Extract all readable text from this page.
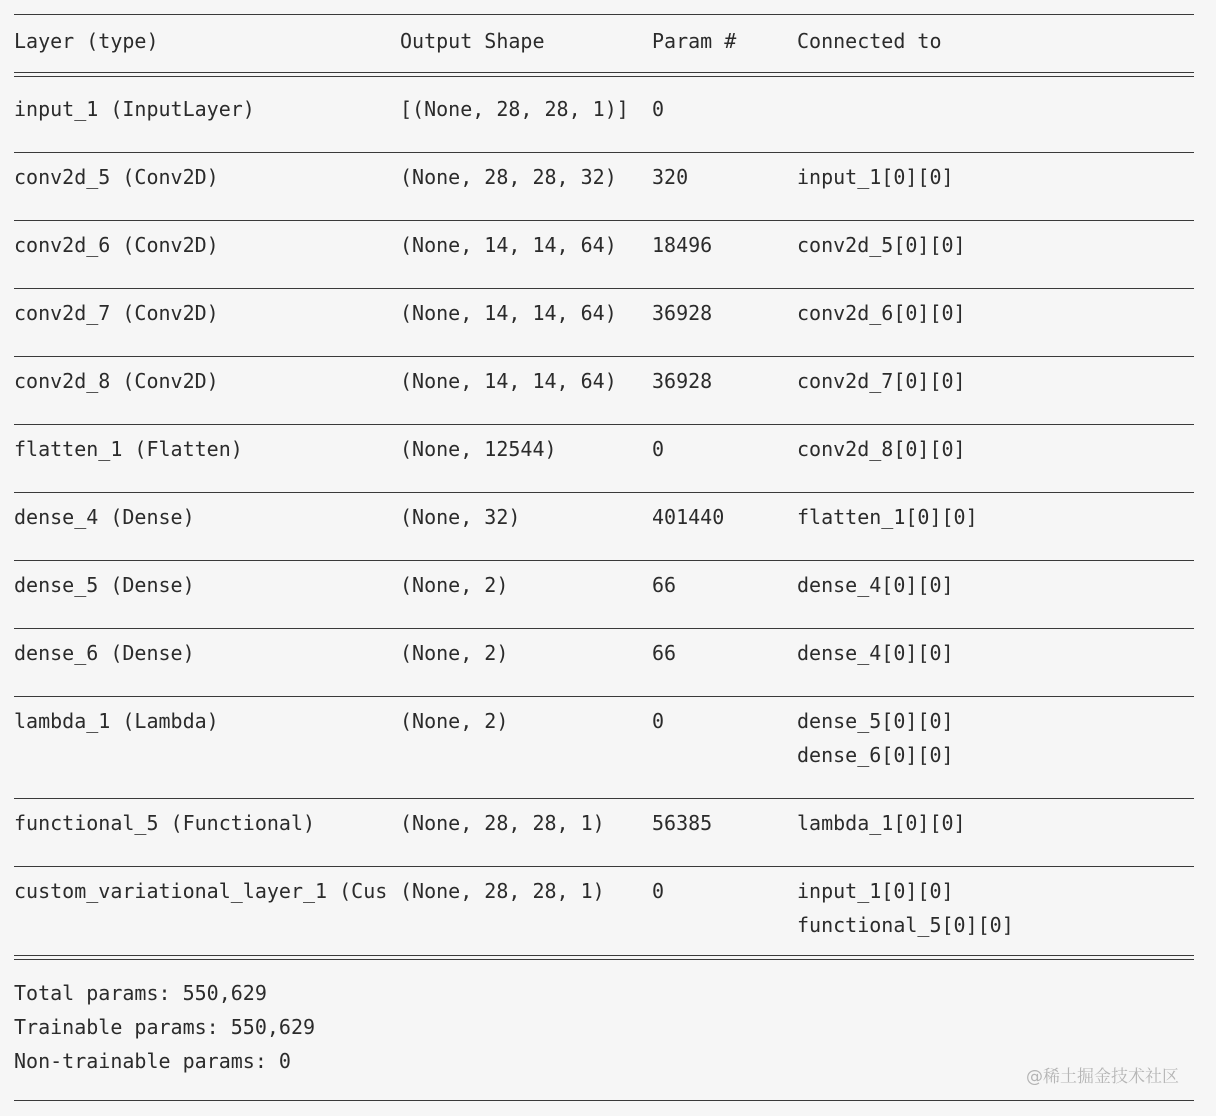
Layer (type)	Output Shape	Param #	Connected to
input_1 (InputLayer)	[(None, 28, 28, 1)] 0
conv2d_5 (Conv2D)	(None, 28, 28, 32) 320	input_1[0][0]
conv2d_6 (Conv2D)	(None, 14, 14, 64) 18496	conv2d_5[0][0]
conv2d_7 (Conv2D)	(None, 14, 14, 64) 36928	conv2d_6[0][0]
conv2d_8 (Conv2D)	(None, 14, 14, 64) 36928	conv2d_7[0][0]
flatten_1 (Flatten)	(None, 12544)	0	conv2d_8[0][0]
dense_4 (Dense)	(None, 32)	401440	flatten_1[0][0]
dense_5 (Dense)	(None, 2)	66	dense_4[0][0]
dense_6 (Dense)	(None, 2)	66	dense_4[0][0]
lambda_1 (Lambda)	(None, 2)	0	dense_5[0][0]
dense_6[0][0]
functional_5 (Functional)	(None, 28, 28, 1) 56385	lambda_1[0][0]
custom_variational_layer_1 (Cus (None, 28, 28, 1) 0	input_1[0][0]
functional_5[0][0]
Total params: 550,629
Trainable params: 550,629
Non-trainable params: 0
@稀土掘金技术社区
